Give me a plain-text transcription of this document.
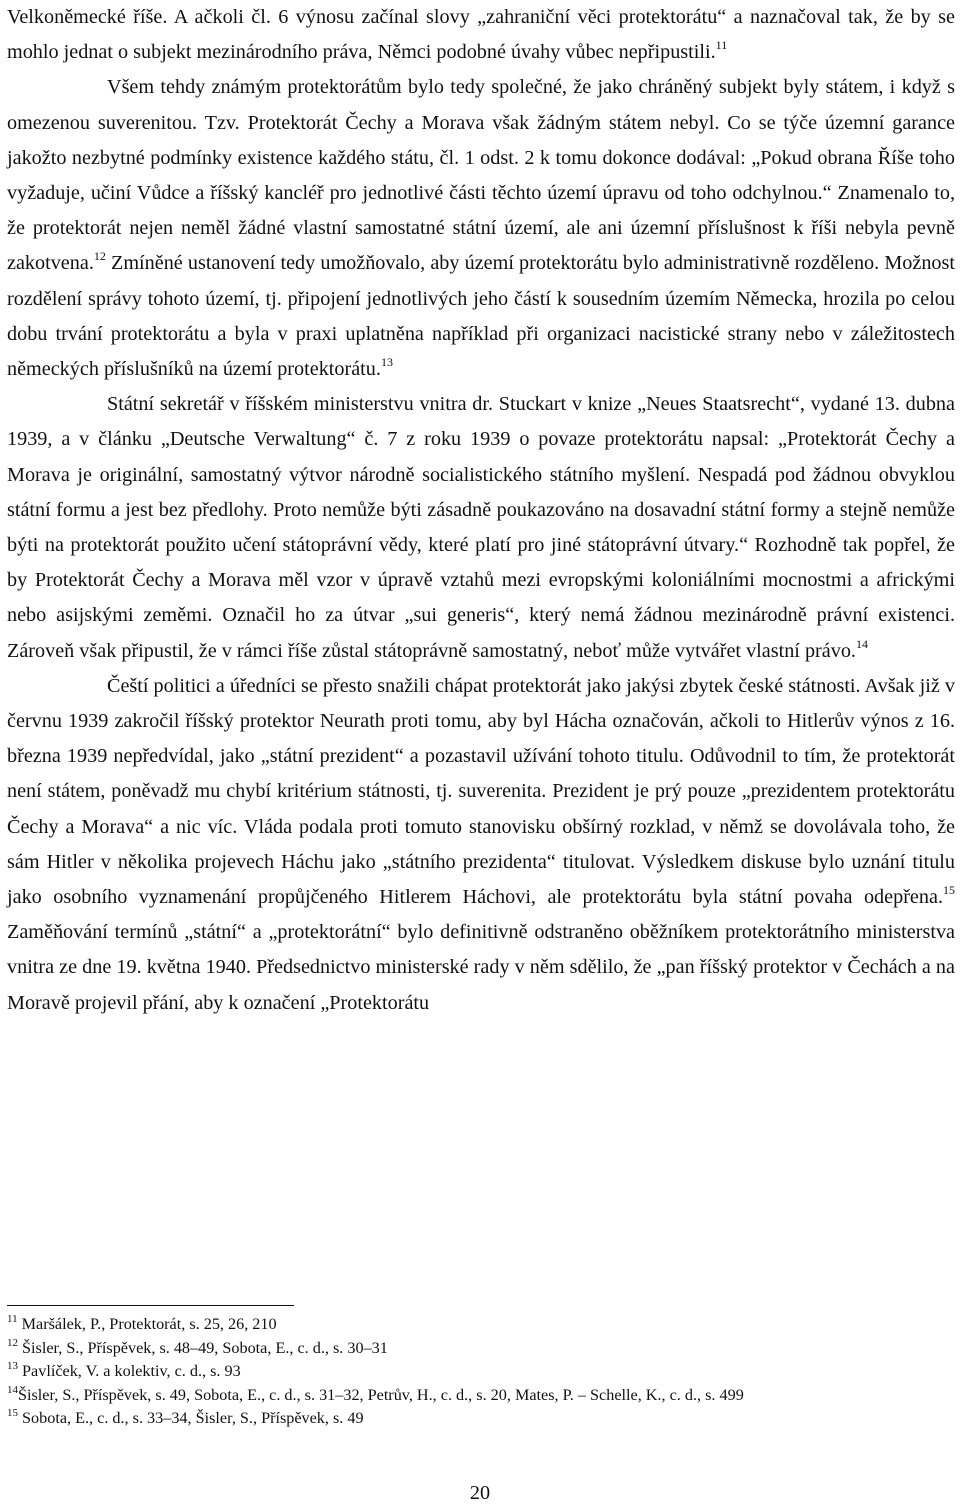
Velkoněmecké říše. A ačkoli čl. 6 výnosu začínal slovy „zahraniční věci protektorátu“ a naznačoval tak, že by se mohlo jednat o subjekt mezinárodního práva, Němci podobné úvahy vůbec nepřipustili.$^{11}$

Všem tehdy známým protektorátům bylo tedy společné, že jako chráněný subjekt byly státem, i když s omezenou suverenitou. Tzv. Protektorát Čechy a Morava však žádným státem nebyl. Co se týče územní garance jakožto nezbytné podmínky existence každého státu, čl. 1 odst. 2 k tomu dokonce dodával: „Pokud obrana Říše toho vyžaduje, učiní Vůdce a říšský kancléř pro jednotlivé části těchto území úpravu od toho odchylnou.“ Znamenalo to, že protektorát nejen neměl žádné vlastní samostatné státní území, ale ani územní příslušnost k říši nebyla pevně zakotvena.$^{12}$ Zmíněné ustanovení tedy umožňovalo, aby území protektorátu bylo administrativně rozděleno. Možnost rozdělení správy tohoto území, tj. připojení jednotlivých jeho částí k sousedním územím Německa, hrozila po celou dobu trvání protektorátu a byla v praxi uplatněna například při organizaci nacistické strany nebo v záležitostech německých příslušníků na území protektorátu.$^{13}$

Státní sekretář v říšském ministerstvu vnitra dr. Stuckart v knize „Neues Staatsrecht“, vydané 13. dubna 1939, a v článku „Deutsche Verwaltung“ č. 7 z roku 1939 o povaze protektorátu napsal: „Protektorát Čechy a Morava je originální, samostatný výtvor národně socialistického státního myšlení. Nespadá pod žádnou obvyklou státní formu a jest bez předlohy. Proto nemůže býti zásadně poukazováno na dosavadní státní formy a stejně nemůže býti na protektorát použito učení státoprávní vědy, které platí pro jiné státoprávní útvary.“ Rozhodně tak popřel, že by Protektorát Čechy a Morava měl vzor v úpravě vztahů mezi evropskými koloniálními mocnostmi a africkými nebo asijskými zeměmi. Označil ho za útvar „sui generis“, který nemá žádnou mezinárodně právní existenci. Zároveň však připustil, že v rámci říše zůstal státoprávně samostatný, neboť může vytvářet vlastní právo.$^{14}$

Čeští politici a úředníci se přesto snažili chápat protektorát jako jakýsi zbytek české státnosti. Avšak již v červnu 1939 zakročil říšský protektor Neurath proti tomu, aby byl Hácha označován, ačkoli to Hitlerův výnos z 16. března 1939 nepředvídal, jako „státní prezident“ a pozastavil užívání tohoto titulu. Odůvodnil to tím, že protektorát není státem, poněvadž mu chybí kritérium státnosti, tj. suverenita. Prezident je prý pouze „prezidentem protektorátu Čechy a Morava“ a nic víc. Vláda podala proti tomuto stanovisku obšírný rozklad, v němž se dovolávala toho, že sám Hitler v několika projevech Háchu jako „státního prezidenta“ titulovat. Výsledkem diskuse bylo uznání titulu jako osobního vyznamenání propůjčeného Hitlerem Háchovi, ale protektorátu byla státní povaha odepřena.$^{15}$ Zaměňování termínů „státní“ a „protektorátní“ bylo definitivně odstraněno oběžníkem protektorátního ministerstva vnitra ze dne 19. května 1940. Předsednictvo ministerské rady v něm sdělilo, že „pan říšský protektor v Čechách a na Moravě projevil přání, aby k označení „Protektorátu

$^{11}$ Maršálek, P., Protektorát, s. 25, 26, 210

$^{12}$ Šisler, S., Příspěvek, s. 48–49, Sobota, E., c. d., s. 30–31

$^{13}$ Pavlíček, V. a kolektiv, c. d., s. 93

$^{14}$Šisler, S., Příspěvek, s. 49, Sobota, E., c. d., s. 31–32, Petrův, H., c. d., s. 20, Mates, P. – Schelle, K., c. d., s. 499

$^{15}$ Sobota, E., c. d., s. 33–34, Šisler, S., Příspěvek, s. 49

20
